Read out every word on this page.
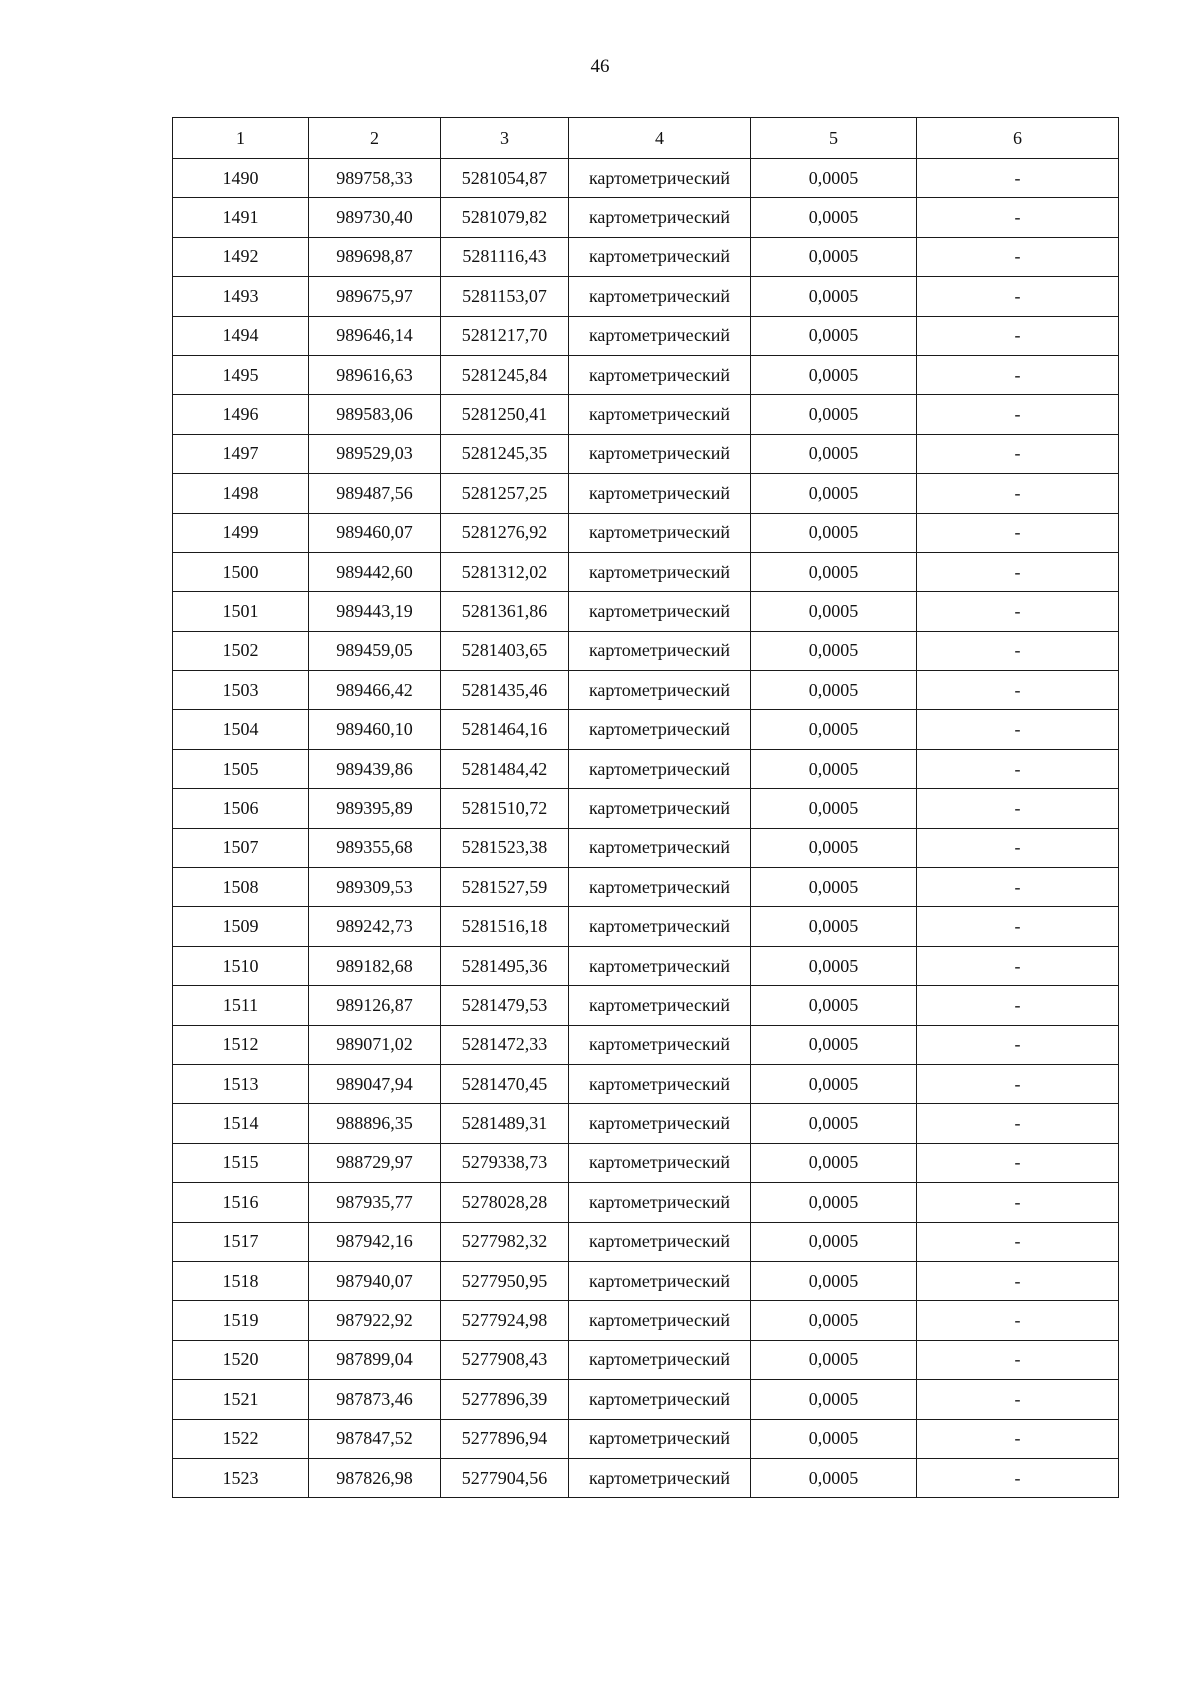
46
1	2	3	4	5	6
1490	989758,33	5281054,87	картометрический	0,0005	-
1491	989730,40	5281079,82	картометрический	0,0005	-
1492	989698,87	5281116,43	картометрический	0,0005	-
1493	989675,97	5281153,07	картометрический	0,0005	-
1494	989646,14	5281217,70	картометрический	0,0005	-
1495	989616,63	5281245,84	картометрический	0,0005	-
1496	989583,06	5281250,41	картометрический	0,0005	-
1497	989529,03	5281245,35	картометрический	0,0005	-
1498	989487,56	5281257,25	картометрический	0,0005	-
1499	989460,07	5281276,92	картометрический	0,0005	-
1500	989442,60	5281312,02	картометрический	0,0005	-
1501	989443,19	5281361,86	картометрический	0,0005	-
1502	989459,05	5281403,65	картометрический	0,0005	-
1503	989466,42	5281435,46	картометрический	0,0005	-
1504	989460,10	5281464,16	картометрический	0,0005	-
1505	989439,86	5281484,42	картометрический	0,0005	-
1506	989395,89	5281510,72	картометрический	0,0005	-
1507	989355,68	5281523,38	картометрический	0,0005	-
1508	989309,53	5281527,59	картометрический	0,0005	-
1509	989242,73	5281516,18	картометрический	0,0005	-
1510	989182,68	5281495,36	картометрический	0,0005	-
1511	989126,87	5281479,53	картометрический	0,0005	-
1512	989071,02	5281472,33	картометрический	0,0005	-
1513	989047,94	5281470,45	картометрический	0,0005	-
1514	988896,35	5281489,31	картометрический	0,0005	-
1515	988729,97	5279338,73	картометрический	0,0005	-
1516	987935,77	5278028,28	картометрический	0,0005	-
1517	987942,16	5277982,32	картометрический	0,0005	-
1518	987940,07	5277950,95	картометрический	0,0005	-
1519	987922,92	5277924,98	картометрический	0,0005	-
1520	987899,04	5277908,43	картометрический	0,0005	-
1521	987873,46	5277896,39	картометрический	0,0005	-
1522	987847,52	5277896,94	картометрический	0,0005	-
1523	987826,98	5277904,56	картометрический	0,0005	-
